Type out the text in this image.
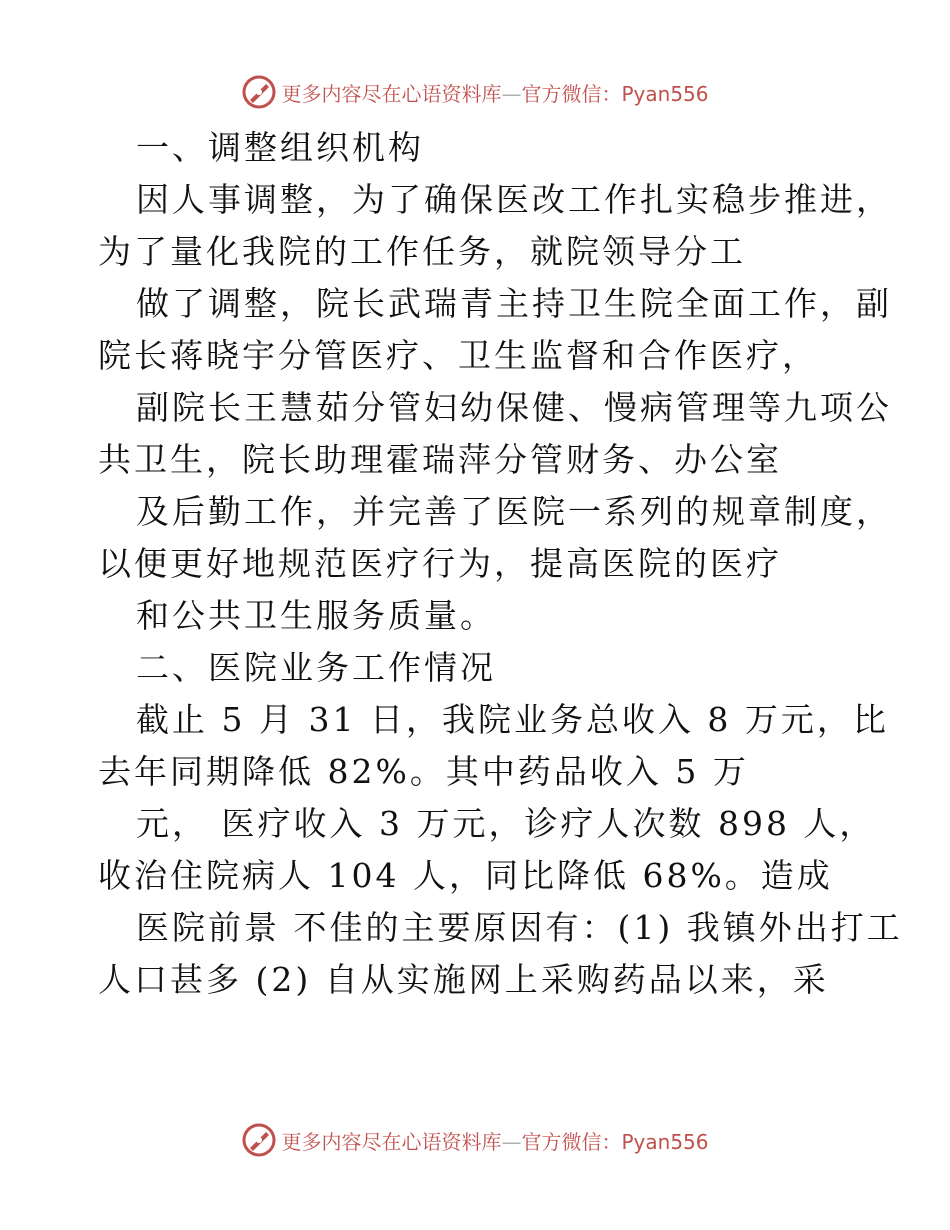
更多内容尽在心语资料库—官方微信：Pyan556
一、调整组织机构
因人事调整，为了确保医改工作扎实稳步推进，
为了量化我院的工作任务，就院领导分工
做了调整，院长武瑞青主持卫生院全面工作，副
院长蒋晓宇分管医疗、卫生监督和合作医疗，
副院长王慧茹分管妇幼保健、慢病管理等九项公
共卫生，院长助理霍瑞萍分管财务、办公室
及后勤工作，并完善了医院一系列的规章制度，
以便更好地规范医疗行为，提高医院的医疗
和公共卫生服务质量。
二、医院业务工作情况
截止 5 月 31 日，我院业务总收入 8 万元，比
去年同期降低 82%。其中药品收入 5 万
元， 医疗收入 3 万元，诊疗人次数 898 人，
收治住院病人 104 人，同比降低 68%。造成
医院前景 不佳的主要原因有：(1) 我镇外出打工
人口甚多 (2) 自从实施网上采购药品以来，采
更多内容尽在心语资料库—官方微信：Pyan556
